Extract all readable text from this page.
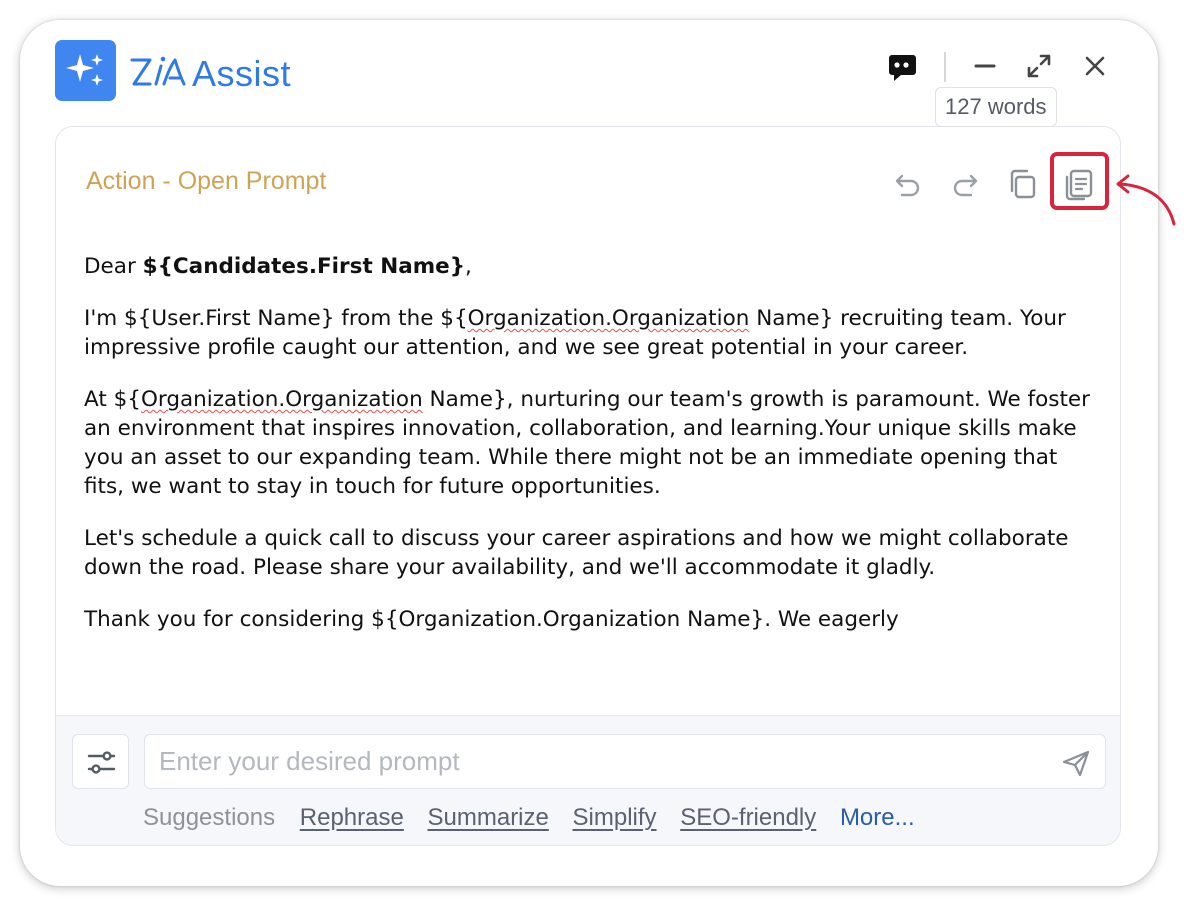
Assist
Action - Open Prompt

Dear ${Candidates.First Name},

I'm ${User.First Name} from the ${Organization.Organization Name} recruiting team. Your impressive profile caught our attention, and we see great potential in your career.

At ${Organization.Organization Name}, nurturing our team's growth is paramount. We foster an environment that inspires innovation, collaboration, and learning.Your unique skills make you an asset to our expanding team. While there might not be an immediate opening that fits, we want to stay in touch for future opportunities.

Let's schedule a quick call to discuss your career aspirations and how we might collaborate down the road. Please share your availability, and we'll accommodate it gladly.

Thank you for considering ${Organization.Organization Name}. We eagerly

Enter your desired prompt
Suggestions Rephrase Summarize Simplify SEO-friendly More...
127 words
